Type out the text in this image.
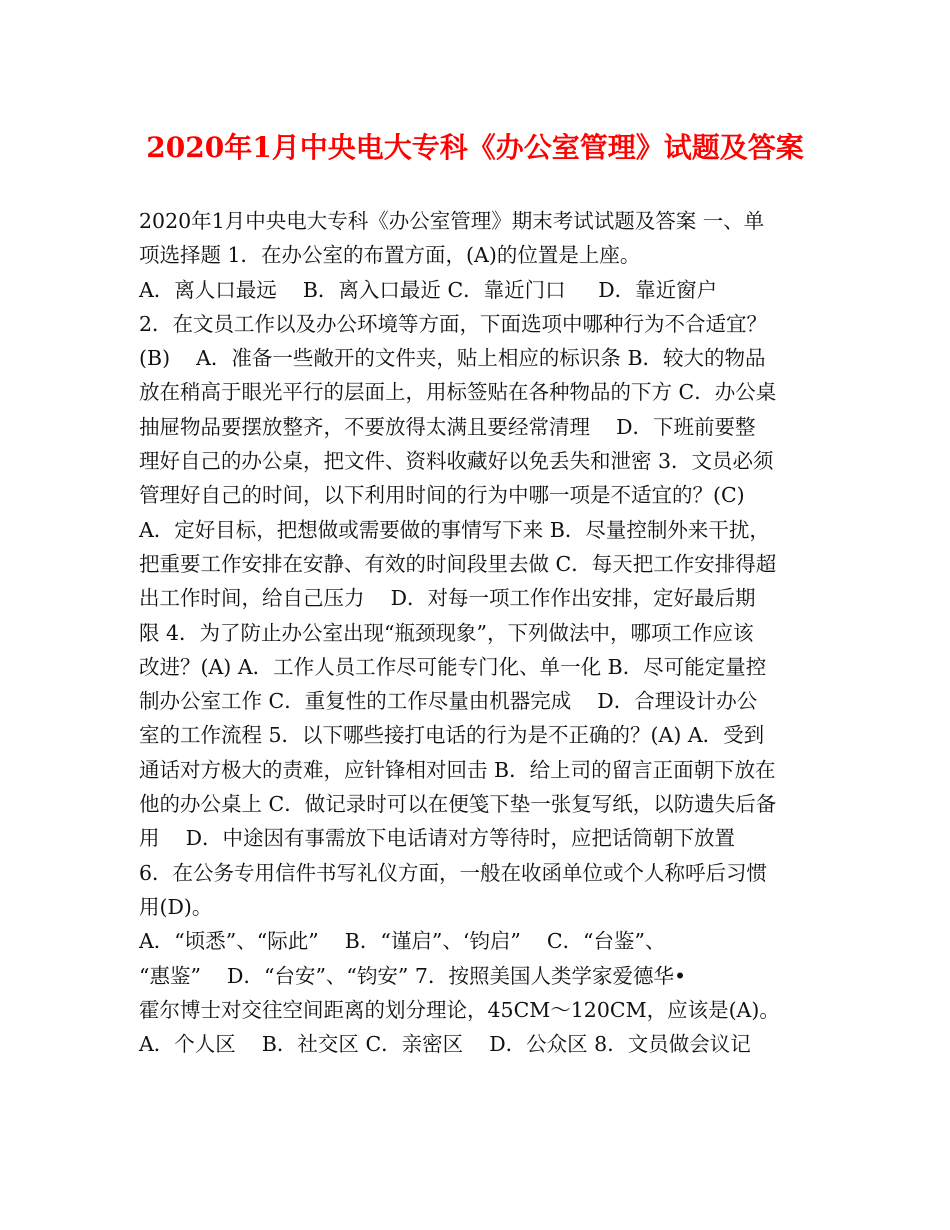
2020年1月中央电大专科《办公室管理》试题及答案
2020年1月中央电大专科《办公室管理》期末考试试题及答案 一、单
项选择题 1．在办公室的布置方面，(A)的位置是上座。
A．离人口最远    B．离入口最近 C．靠近门口     D．靠近窗户
2．在文员工作以及办公环境等方面，下面选项中哪种行为不合适宜？
(B)    A．准备一些敞开的文件夹，贴上相应的标识条 B．较大的物品
放在稍高于眼光平行的层面上，用标签贴在各种物品的下方 C．办公桌
抽屉物品要摆放整齐，不要放得太满且要经常清理    D．下班前要整
理好自己的办公桌，把文件、资料收藏好以免丢失和泄密 3．文员必须
管理好自己的时间，以下利用时间的行为中哪一项是不适宜的？(C)
A．定好目标，把想做或需要做的事情写下来 B．尽量控制外来干扰，
把重要工作安排在安静、有效的时间段里去做 C．每天把工作安排得超
出工作时间，给自己压力    D．对每一项工作作出安排，定好最后期
限 4．为了防止办公室出现“瓶颈现象”，下列做法中，哪项工作应该
改进？(A) A．工作人员工作尽可能专门化、单一化 B．尽可能定量控
制办公室工作 C．重复性的工作尽量由机器完成    D．合理设计办公
室的工作流程 5．以下哪些接打电话的行为是不正确的？(A) A．受到
通话对方极大的责难，应针锋相对回击 B．给上司的留言正面朝下放在
他的办公桌上 C．做记录时可以在便笺下垫一张复写纸，以防遗失后备
用    D．中途因有事需放下电话请对方等待时，应把话筒朝下放置
6．在公务专用信件书写礼仪方面，一般在收函单位或个人称呼后习惯
用(D)。
A．“顷悉”、“际此”    B．“谨启”、‘钧启”    C．“台鉴”、
“惠鉴”    D．“台安”、“钧安” 7．按照美国人类学家爱德华•
霍尔博士对交往空间距离的划分理论，45CM～120CM，应该是(A)。
A．个人区    B．社交区 C．亲密区    D．公众区 8．文员做会议记
